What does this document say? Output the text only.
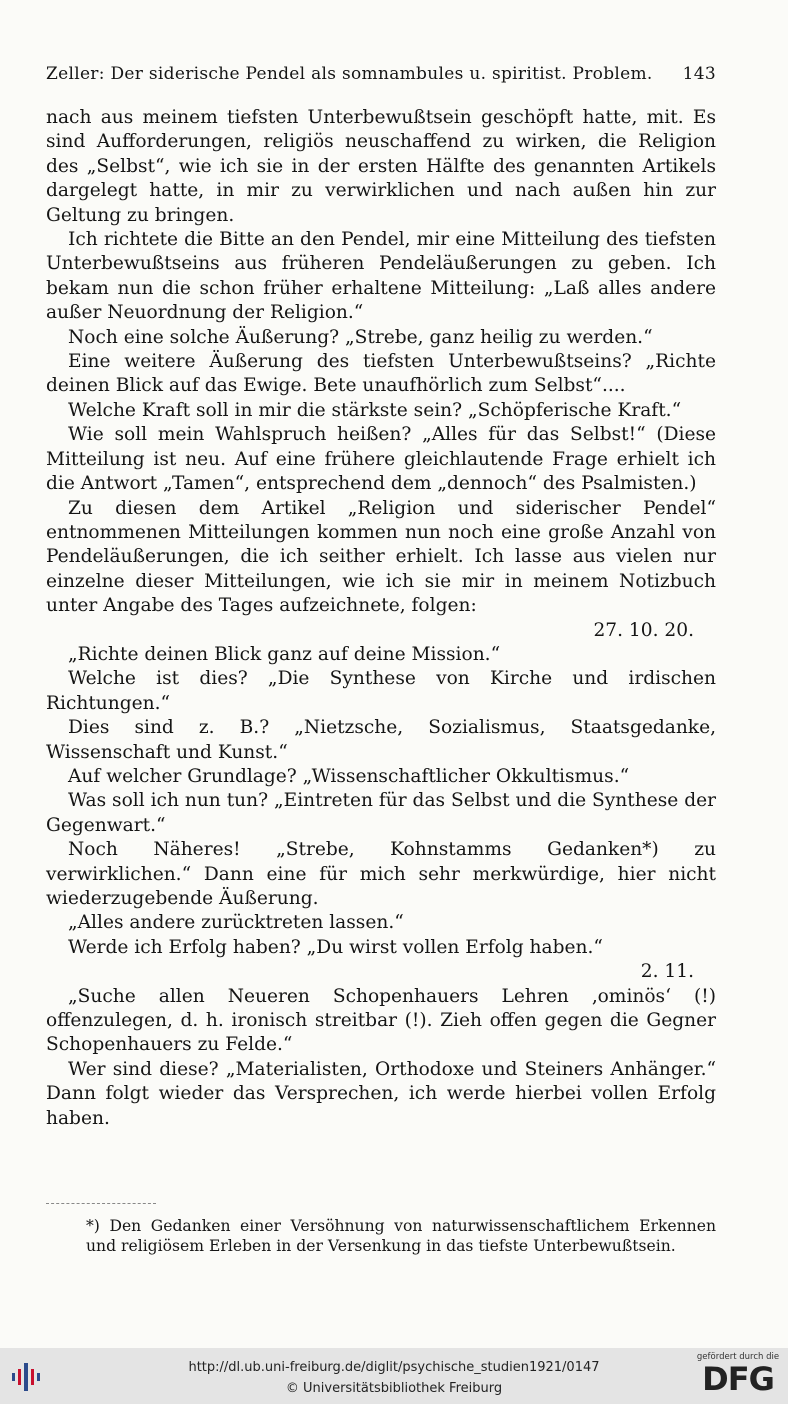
Zeller: Der siderische Pendel als somnambules u. spiritist. Problem. 143

nach aus meinem tiefsten Unterbewußtsein geschöpft hatte, mit. Es sind Aufforderungen, religiös neuschaffend zu wirken, die Religion des „Selbst“, wie ich sie in der ersten Hälfte des genannten Artikels dargelegt hatte, in mir zu verwirklichen und nach außen hin zur Geltung zu bringen.

Ich richtete die Bitte an den Pendel, mir eine Mitteilung des tiefsten Unterbewußtseins aus früheren Pendeläußerungen zu geben. Ich bekam nun die schon früher erhaltene Mitteilung: „Laß alles andere außer Neuordnung der Religion.“

Noch eine solche Äußerung? „Strebe, ganz heilig zu werden.“

Eine weitere Äußerung des tiefsten Unterbewußtseins? „Richte deinen Blick auf das Ewige. Bete unaufhörlich zum Selbst“....

Welche Kraft soll in mir die stärkste sein? „Schöpferische Kraft.“

Wie soll mein Wahlspruch heißen? „Alles für das Selbst!“ (Diese Mitteilung ist neu. Auf eine frühere gleichlautende Frage erhielt ich die Antwort „Tamen“, entsprechend dem „dennoch“ des Psalmisten.)

Zu diesen dem Artikel „Religion und siderischer Pendel“ entnommenen Mitteilungen kommen nun noch eine große Anzahl von Pendeläußerungen, die ich seither erhielt. Ich lasse aus vielen nur einzelne dieser Mitteilungen, wie ich sie mir in meinem Notizbuch unter Angabe des Tages aufzeichnete, folgen:

27. 10. 20.

„Richte deinen Blick ganz auf deine Mission.“

Welche ist dies? „Die Synthese von Kirche und irdischen Richtungen.“

Dies sind z. B.? „Nietzsche, Sozialismus, Staatsgedanke, Wissenschaft und Kunst.“

Auf welcher Grundlage? „Wissenschaftlicher Okkultismus.“

Was soll ich nun tun? „Eintreten für das Selbst und die Synthese der Gegenwart.“

Noch Näheres! „Strebe, Kohnstamms Gedanken*) zu verwirklichen.“ Dann eine für mich sehr merkwürdige, hier nicht wiederzugebende Äußerung.

„Alles andere zurücktreten lassen.“

Werde ich Erfolg haben? „Du wirst vollen Erfolg haben.“

2. 11.

„Suche allen Neueren Schopenhauers Lehren ‚ominös‘ (!) offenzulegen, d. h. ironisch streitbar (!). Zieh offen gegen die Gegner Schopenhauers zu Felde.“

Wer sind diese? „Materialisten, Orthodoxe und Steiners Anhänger.“ Dann folgt wieder das Versprechen, ich werde hierbei vollen Erfolg haben.

*) Den Gedanken einer Versöhnung von naturwissenschaftlichem Erkennen und religiösem Erleben in der Versenkung in das tiefste Unterbewußtsein.
http://dl.ub.uni-freiburg.de/diglit/psychische_studien1921/0147
© Universitätsbibliothek Freiburg
gefördert durch die
DFG
